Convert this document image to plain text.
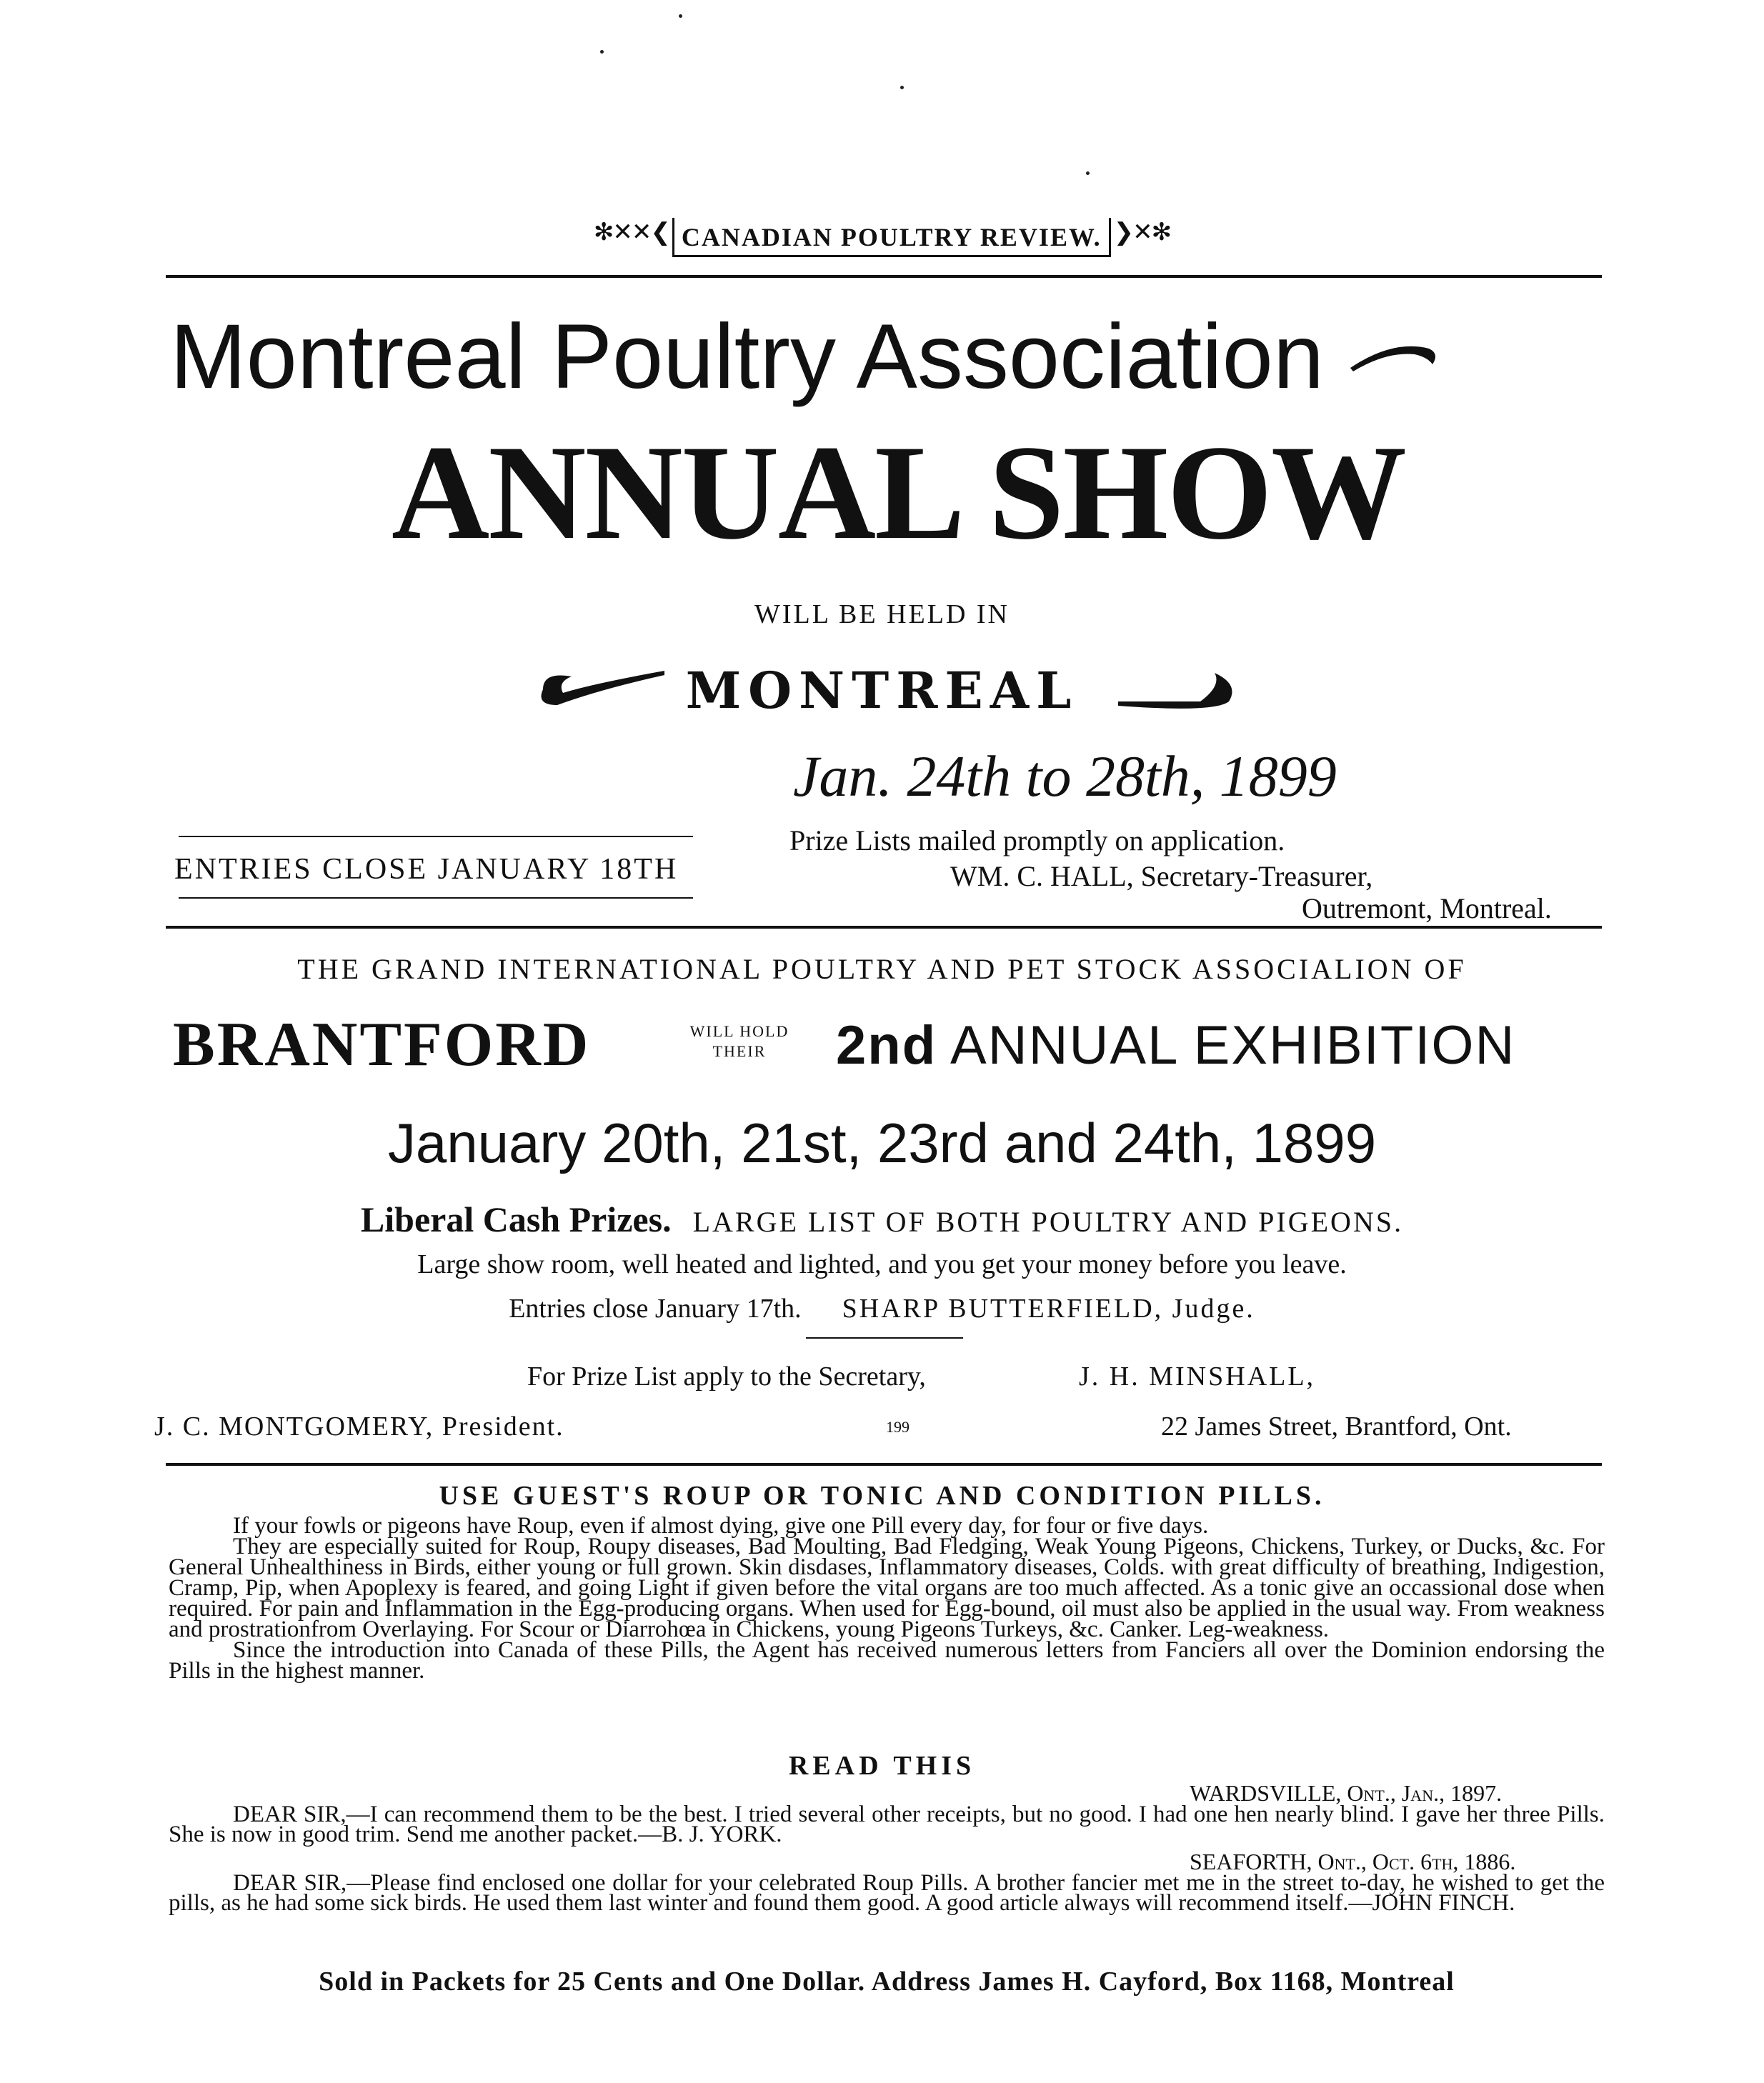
✻✕✕❮ CANADIAN POULTRY REVIEW. ❯✕✻
Montreal Poultry Association
ANNUAL SHOW
WILL BE HELD IN
MONTREAL
Jan. 24th to 28th, 1899
ENTRIES CLOSE JANUARY 18TH
Prize Lists mailed promptly on application.
WM. C. HALL, Secretary-Treasurer,
Outremont, Montreal.
THE GRAND INTERNATIONAL POULTRY AND PET STOCK ASSOCIALION OF
BRANTFORD	WILL HOLD
THEIR	2nd ANNUAL EXHIBITION
January 20th, 21st, 23rd and 24th, 1899
Liberal Cash Prizes. LARGE LIST OF BOTH POULTRY AND PIGEONS.
Large show room, well heated and lighted, and you get your money before you leave.
Entries close January 17th. SHARP BUTTERFIELD, Judge.
For Prize List apply to the Secretary,	J. H. MINSHALL,
J. C. MONTGOMERY, President.	199	22 James Street, Brantford, Ont.
USE GUEST'S ROUP OR TONIC AND CONDITION PILLS.

If your fowls or pigeons have Roup, even if almost dying, give one Pill every day, for four or five days.

They are especially suited for Roup, Roupy diseases, Bad Moulting, Bad Fledging, Weak Young Pigeons, Chickens, Turkey, or Ducks, &c. For General Unhealthiness in Birds, either young or full grown. Skin disdases, Inflammatory diseases, Colds. with great difficulty of breathing, Indigestion, Cramp, Pip, when Apoplexy is feared, and going Light if given before the vital organs are too much affected. As a tonic give an occassional dose when required. For pain and Inflammation in the Egg-producing organs. When used for Egg-bound, oil must also be applied in the usual way. From weakness and prostrationfrom Overlaying. For Scour or Diarrohœa in Chickens, young Pigeons Turkeys, &c. Canker. Leg-weakness.

Since the introduction into Canada of these Pills, the Agent has received numerous letters from Fanciers all over the Dominion endorsing the Pills in the highest manner.

READ THIS
WARDSVILLE, Ont., Jan., 1897.

DEAR SIR,—I can recommend them to be the best. I tried several other receipts, but no good. I had one hen nearly blind. I gave her three Pills. She is now in good trim. Send me another packet.—B. J. YORK.

SEAFORTH, Ont., Oct. 6th, 1886.

DEAR SIR,—Please find enclosed one dollar for your celebrated Roup Pills. A brother fancier met me in the street to-day, he wished to get the pills, as he had some sick birds. He used them last winter and found them good. A good article always will recommend itself.—JOHN FINCH.

Sold in Packets for 25 Cents and One Dollar. Address James H. Cayford, Box 1168, Montreal
